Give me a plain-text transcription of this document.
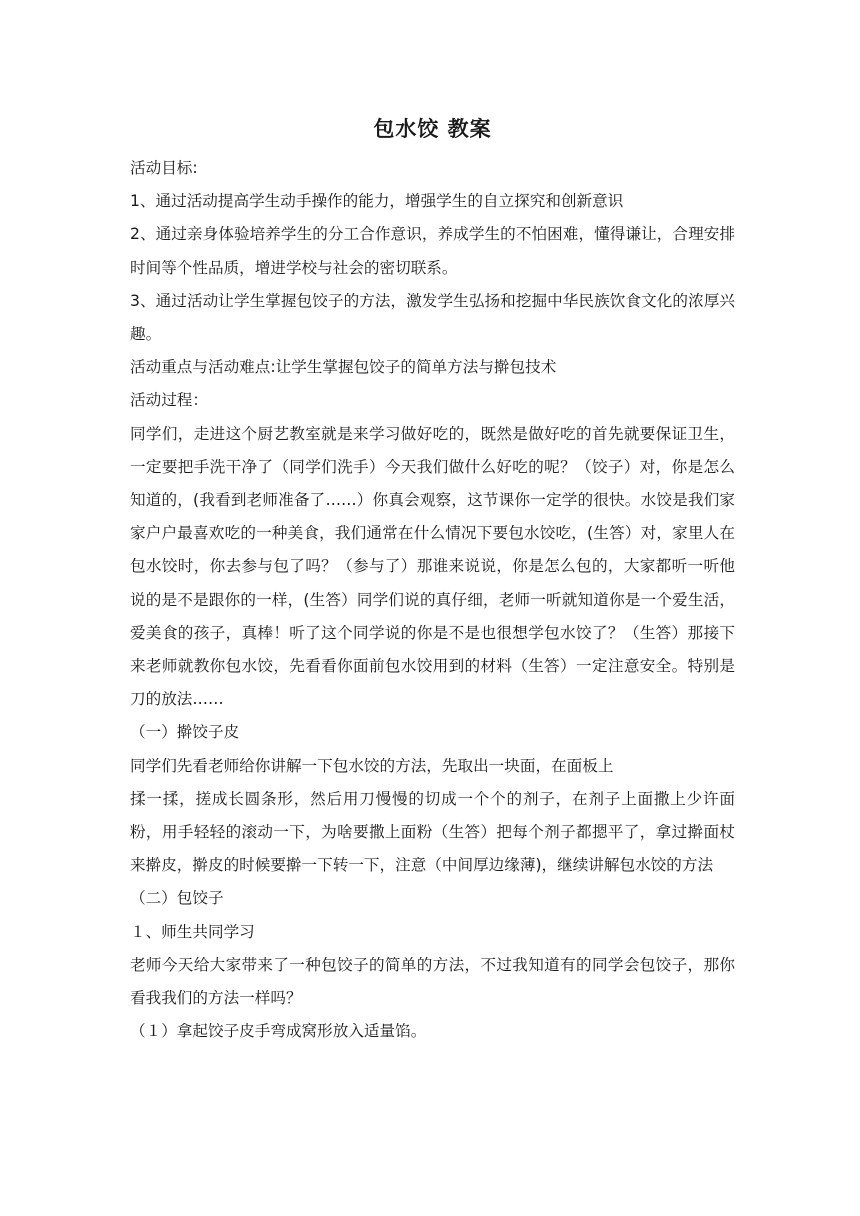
包水饺 教案

活动目标:

1、通过活动提高学生动手操作的能力，增强学生的自立探究和创新意识

2、通过亲身体验培养学生的分工合作意识，养成学生的不怕困难，懂得谦让，合理安排时间等个性品质，增进学校与社会的密切联系。

3、通过活动让学生掌握包饺子的方法，激发学生弘扬和挖掘中华民族饮食文化的浓厚兴趣。

活动重点与活动难点:让学生掌握包饺子的简单方法与擀包技术

活动过程：

同学们，走进这个厨艺教室就是来学习做好吃的，既然是做好吃的首先就要保证卫生，一定要把手洗干净了（同学们洗手）今天我们做什么好吃的呢？（饺子）对，你是怎么知道的，(我看到老师准备了……）你真会观察，这节课你一定学的很快。水饺是我们家家户户最喜欢吃的一种美食，我们通常在什么情况下要包水饺吃，(生答）对，家里人在包水饺时，你去参与包了吗？（参与了）那谁来说说，你是怎么包的，大家都听一听他说的是不是跟你的一样，(生答）同学们说的真仔细，老师一听就知道你是一个爱生活，爱美食的孩子，真棒！听了这个同学说的你是不是也很想学包水饺了？（生答）那接下来老师就教你包水饺，先看看你面前包水饺用到的材料（生答）一定注意安全。特别是刀的放法……

（一）擀饺子皮

同学们先看老师给你讲解一下包水饺的方法，先取出一块面，在面板上

揉一揉，搓成长圆条形，然后用刀慢慢的切成一个个的剂子，在剂子上面撒上少许面粉，用手轻轻的滚动一下，为啥要撒上面粉（生答）把每个剂子都摁平了，拿过擀面杖来擀皮，擀皮的时候要擀一下转一下，注意（中间厚边缘薄)，继续讲解包水饺的方法

（二）包饺子

１、师生共同学习

老师今天给大家带来了一种包饺子的简单的方法，不过我知道有的同学会包饺子，那你看我我们的方法一样吗？

（１）拿起饺子皮手弯成窝形放入适量馅。
